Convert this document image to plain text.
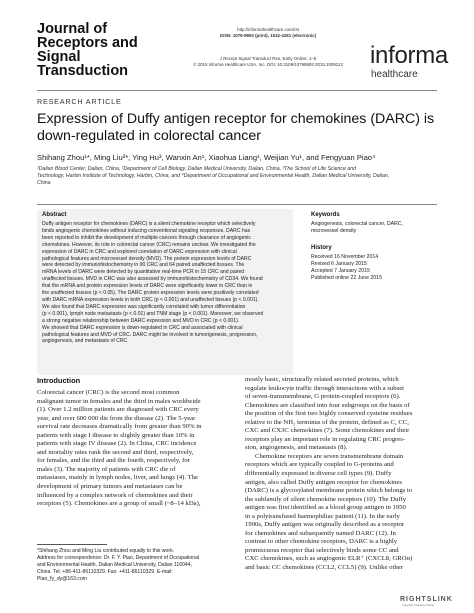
Journal of
Receptors and
Signal
Transduction
http://informahealthcare.com/rst
ISSN: 1079-9893 (print), 1532-4281 (electronic)
J Recept Signal Transduct Res, Early Online: 1–6
© 2015 Informa Healthcare USA, Inc. DOI: 10.3109/10799893.2015.1009113	informa
healthcare
RESEARCH ARTICLE
Expression of Duffy antigen receptor for chemokines (DARC) is
down-regulated in colorectal cancer
Shihang Zhou¹*, Ming Liu²*, Ying Hu³, Wanxin An¹, Xiaohua Liang¹, Weijian Yu¹, and Fengyuan Piao⁴
¹Dalian Blood Center, Dalian, China, ²Department of Cell Biology, Dalian Medical University, Dalian, China, ³The School of Life Science and
Technology, Harbin Institute of Technology, Harbin, China, and ⁴Department of Occupational and Environmental Health, Dalian Medical University, Dalian,
China
Abstract
Duffy antigen receptor for chemokines (DARC) is a silent chemokine receptor which selectively
binds angiogenic chemokines without inducing conventional signaling responses. DARC has
been reported to inhibit the development of multiple cancers through clearance of angiogenic
chemokines. However, its role in colorectal cancer (CRC) remains unclear. We investigated the
expression of DARC in CRC and explored correlation of DARC expression with clinical
pathological features and microvessel density (MVD). The protein expression levels of DARC
were detected by immunohistochemistry in 90 CRC and 64 paired unaffected tissues. The
mRNA levels of DARC were detected by quantitative real-time PCR in 15 CRC and paired
unaffected tissues. MVD in CRC was also assessed by immunohistochemistry of CD34. We found
that the mRNA and protein expression levels of DARC were significantly lower in CRC than in
the unaffected tissues (p < 0.05). The DARC protein expression levels were positively correlated
with DARC mRNA expression levels in both CRC (p < 0.001) and unaffected tissues (p < 0.001).
We also found that DARC expression was significantly correlated with tumor differentiation
(p < 0.001), lymph node metastasis (p < 0.01) and TNM stage (p < 0.001). Moreover, we observed
a strong negative relationship between DARC expression and MVD in CRC (p < 0.001).
We showed that DARC expression is down-regulated in CRC and associated with clinical
pathological features and MVD of CRC. DARC might be involved in tumorigenesis, progression,
angiogenesis, and metastasis of CRC.
Keywords
Angiogenesis, colorectal cancer, DARC,
microvessel density
History
Received 16 November 2014
Revised 6 January 2015
Accepted 7 January 2015
Published online 22 June 2015
Introduction
Colorectal cancer (CRC) is the second most common
malignant tumor in females and the third in males worldwide
(1). Over 1.2 million patients are diagnosed with CRC every
year, and over 600 000 die from the disease (2). The 5-year
survival rate decreases dramatically from greater than 90% in
patients with stage I disease to slightly greater than 10% in
patients with stage IV disease (2). In China, CRC incidence
and mortality rates rank the second and third, respectively,
for females, and the third and the fourth, respectively, for
males (3). The majority of patients with CRC die of
metastases, mainly in lymph nodes, liver, and lungs (4). The
development of primary tumors and metastases can be
influenced by a complex network of chemokines and their
receptors (5). Chemokines are a group of small (~8–14 kDa),
mostly basic, structurally related secreted proteins, which
regulate leukocyte traffic through interactions with a subset
of seven-transmembrane, G protein-coupled receptors (6).
Chemokines are classified into four subgroups on the basis of
the position of the first two highly conserved cysteine residues
relative to the NH₂ terminus of the protein, defined as C, CC,
CXC and CX3C chemokines (7). Some chemokines and their
receptors play an important role in regulating CRC progres-
sion, angiogenesis, and metastasis (8).
Chemokine receptors are seven transmembrane domain
receptors which are typically coupled to G-proteins and
differentially expressed in diverse cell types (9). Duffy
antigen, also called Duffy antigen receptor for chemokines
(DARC) is a glycosylated membrane protein which belongs to
the subfamily of silent chemokine receptors (10). The Duffy
antigen was first identified as a blood group antigen in 1950
in a polytransfused haemophiliac patient (11). In the early
1990s, Duffy antigen was originally described as a receptor
for chemokines and subsequently named DARC (12). In
contrast to other chemokine receptors, DARC is a highly
promiscuous receptor that selectively binds some CC and
CXC chemokines, such as angiogenic ELR⁺ (CXCL8, GROα)
and basic CC chemokines (CCL2, CCL5) (9). Unlike other
*Shihang Zhou and Ming Liu contributed equally to this work.
Address for correspondence: Dr. F. Y. Piao, Department of Occupational
and Environmental Health, Dalian Medical University, Dalian 116044,
China. Tel: +86-411-86110329. Fax: +411-86110329. E-mail:
Piao_fy_dy@163.com
RIGHTSLINK
Copyright Clearance Center
